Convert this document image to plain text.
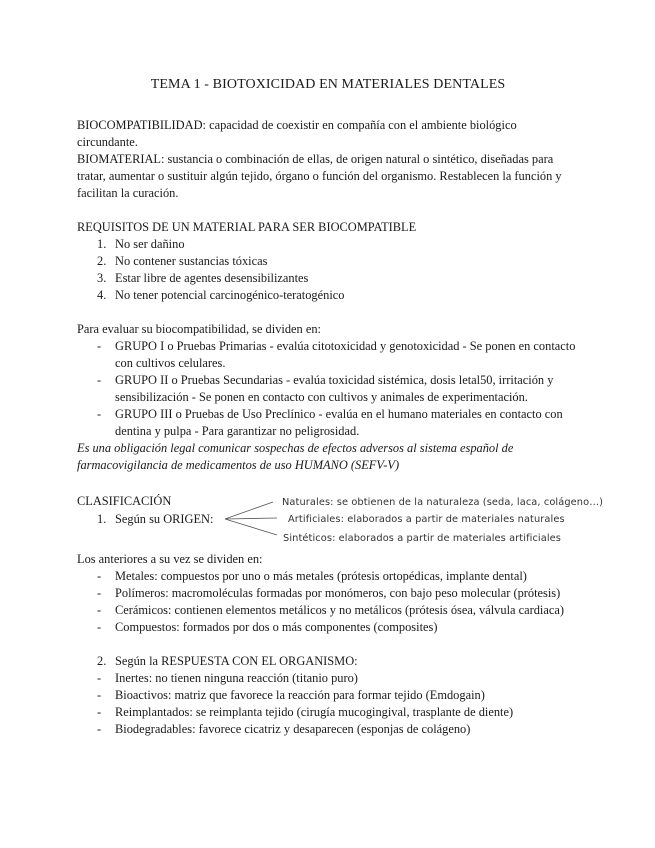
TEMA 1 - BIOTOXICIDAD EN MATERIALES DENTALES

BIOCOMPATIBILIDAD: capacidad de coexistir en compañía con el ambiente biológico circundante.

BIOMATERIAL: sustancia o combinación de ellas, de origen natural o sintético, diseñadas para tratar, aumentar o sustituir algún tejido, órgano o función del organismo. Restablecen la función y facilitan la curación.

REQUISITOS DE UN MATERIAL PARA SER BIOCOMPATIBLE

1. No ser dañino
2. No contener sustancias tóxicas
3. Estar libre de agentes desensibilizantes
4. No tener potencial carcinogénico-teratogénico

Para evaluar su biocompatibilidad, se dividen en:

-	GRUPO I o Pruebas Primarias - evalúa citotoxicidad y genotoxicidad - Se ponen en contacto con cultivos celulares.
-	GRUPO II o Pruebas Secundarias - evalúa toxicidad sistémica, dosis letal50, irritación y sensibilización - Se ponen en contacto con cultivos y animales de experimentación.
-	GRUPO III o Pruebas de Uso Preclínico - evalúa en el humano materiales en contacto con dentina y pulpa - Para garantizar no peligrosidad.

Es una obligación legal comunicar sospechas de efectos adversos al sistema español de farmacovigilancia de medicamentos de uso HUMANO (SEFV-V)

CLASIFICACIÓN
1. Según su ORIGEN:
Naturales: se obtienen de la naturaleza (seda, laca, colágeno…)
Artificiales: elaborados a partir de materiales naturales
Sintéticos: elaborados a partir de materiales artificiales

Los anteriores a su vez se dividen en:

-	Metales: compuestos por uno o más metales (prótesis ortopédicas, implante dental)
-	Polímeros: macromoléculas formadas por monómeros, con bajo peso molecular (prótesis)
-	Cerámicos: contienen elementos metálicos y no metálicos (prótesis ósea, válvula cardiaca)
-	Compuestos: formados por dos o más componentes (composites)
2. Según la RESPUESTA CON EL ORGANISMO:
-	Inertes: no tienen ninguna reacción (titanio puro)
-	Bioactivos: matriz que favorece la reacción para formar tejido (Emdogain)
-	Reimplantados: se reimplanta tejido (cirugía mucogingival, trasplante de diente)
-	Biodegradables: favorece cicatriz y desaparecen (esponjas de colágeno)
